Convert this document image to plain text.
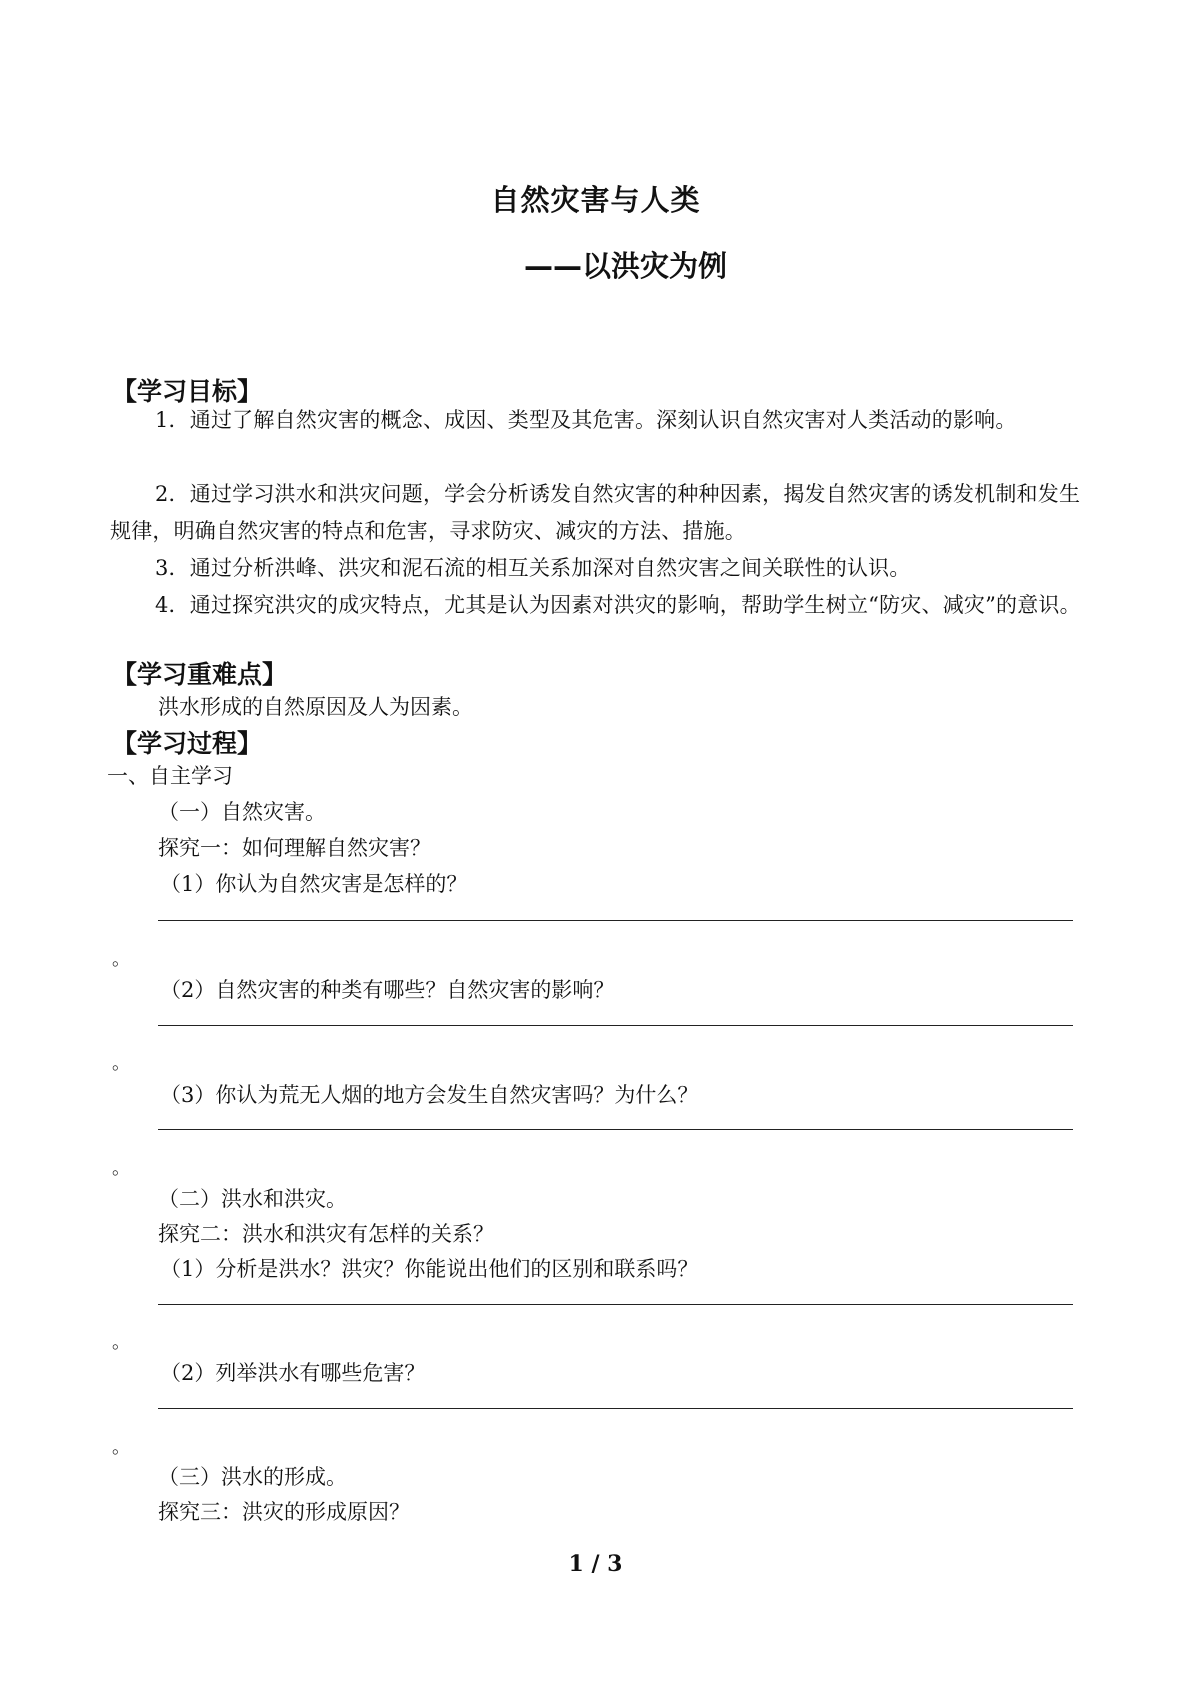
自然灾害与人类
——以洪灾为例
【学习目标】
1．通过了解自然灾害的概念、成因、类型及其危害。深刻认识自然灾害对人类活动的影响。
2．通过学习洪水和洪灾问题，学会分析诱发自然灾害的种种因素，揭发自然灾害的诱发机制和发生规律，明确自然灾害的特点和危害，寻求防灾、减灾的方法、措施。
3．通过分析洪峰、洪灾和泥石流的相互关系加深对自然灾害之间关联性的认识。
4．通过探究洪灾的成灾特点，尤其是认为因素对洪灾的影响，帮助学生树立“防灾、减灾”的意识。
【学习重难点】
洪水形成的自然原因及人为因素。
【学习过程】
一、自主学习
（一）自然灾害。
探究一：如何理解自然灾害？
（1）你认为自然灾害是怎样的？
。
（2）自然灾害的种类有哪些？自然灾害的影响？
。
（3）你认为荒无人烟的地方会发生自然灾害吗？为什么？
。
（二）洪水和洪灾。
探究二：洪水和洪灾有怎样的关系？
（1）分析是洪水？洪灾？你能说出他们的区别和联系吗？
。
（2）列举洪水有哪些危害？
。
（三）洪水的形成。
探究三：洪灾的形成原因？
1 / 3
